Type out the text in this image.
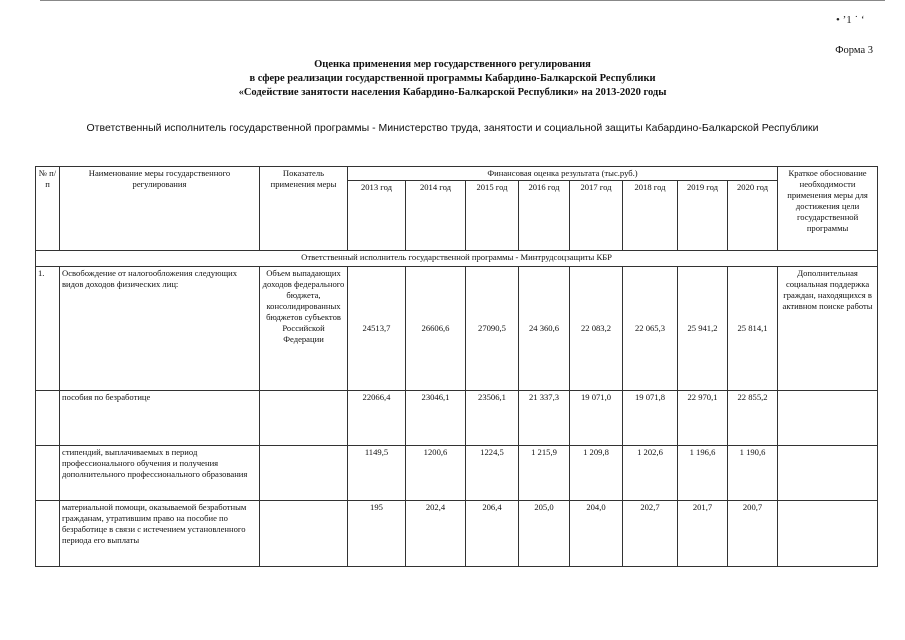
• ʼ1 ˙ ʻ
Форма 3
Оценка применения мер государственного регулирования
в сфере реализации государственной программы Кабардино-Балкарской Республики
«Содействие занятости населения Кабардино-Балкарской Республики» на 2013-2020 годы
Ответственный исполнитель государственной программы - Министерство труда, занятости и социальной защиты Кабардино-Балкарской Республики
№ п/п	Наименование меры государственного регулирования	Показатель применения меры	Финансовая оценка результата (тыс.руб.)								Краткое обоснование необходимости применения меры для достижения цели государственной программы
			2013 год	2014 год	2015 год	2016 год	2017 год	2018 год	2019 год	2020 год	
Ответственный исполнитель государственной программы - Минтрудсоцзащиты КБР											
1.	Освобождение от налогообложения следующих видов доходов физических лиц:	Объем выпадающих доходов федерального бюджета, консолидированных бюджетов субъектов Российской Федерации	24513,7	26606,6	27090,5	24 360,6	22 083,2	22 065,3	25 941,2	25 814,1	Дополнительная социальная поддержка граждан, находящихся в активном поиске работы
	пособия по безработице		22066,4	23046,1	23506,1	21 337,3	19 071,0	19 071,8	22 970,1	22 855,2	
	стипендий, выплачиваемых в период профессионального обучения и получения дополнительного профессионального образования		1149,5	1200,6	1224,5	1 215,9	1 209,8	1 202,6	1 196,6	1 190,6	
	материальной помощи, оказываемой безработным гражданам, утратившим право на пособие по безработице в связи с истечением установленного периода его выплаты		195	202,4	206,4	205,0	204,0	202,7	201,7	200,7	
